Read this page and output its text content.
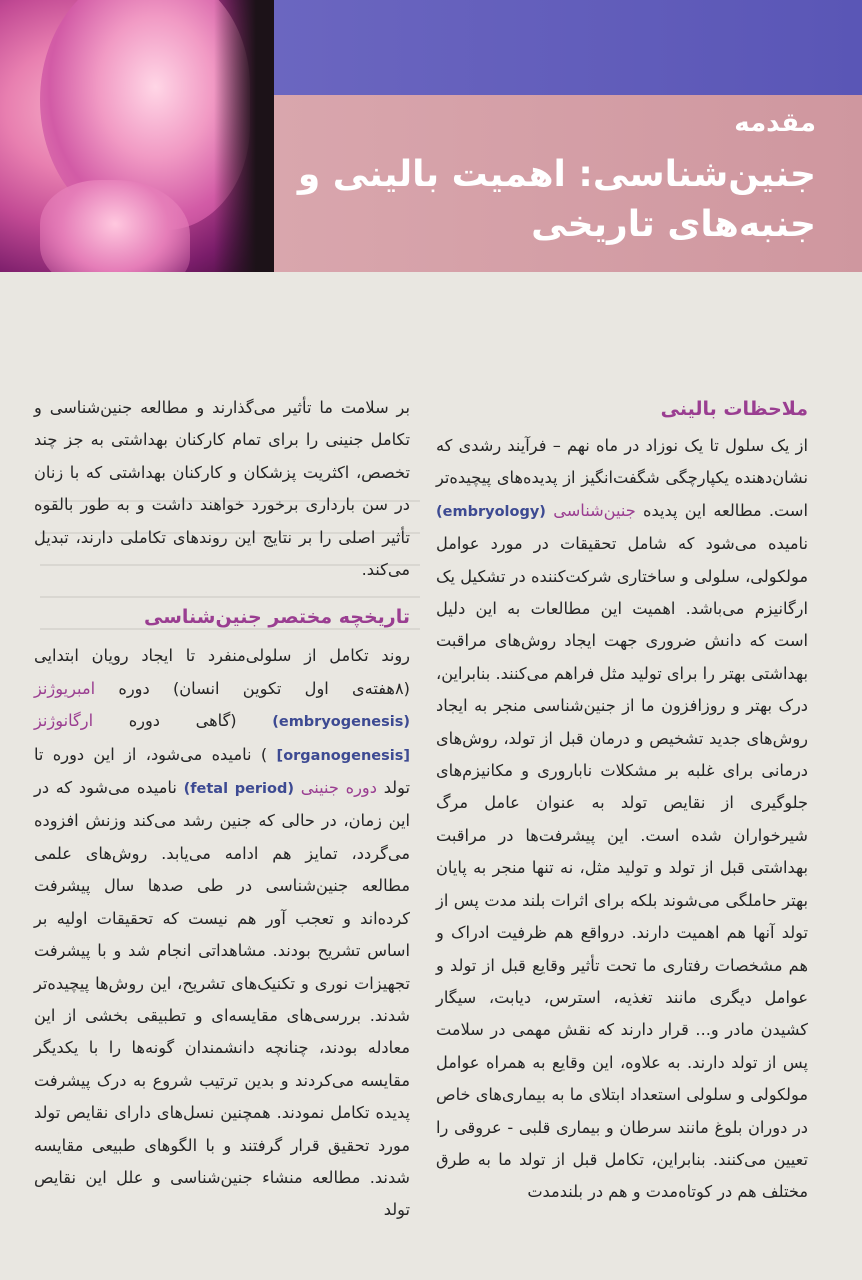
مقدمه
جنین‌شناسی: اهمیت بالینی و جنبه‌های تاریخی
ملاحظات بالینی

از یک سلول تا یک نوزاد در ماه نهم – فرآیند رشدی که نشان‌دهنده یکپارچگی شگفت‌انگیز از پدیده‌های پیچیده‌تر است. مطالعه این پدیده جنین‌شناسی (embryology) نامیده می‌شود که شامل تحقیقات در مورد عوامل مولکولی، سلولی و ساختاری شرکت‌کننده در تشکیل یک ارگانیزم می‌باشد. اهمیت این مطالعات به این دلیل است که دانش ضروری جهت ایجاد روش‌های مراقبت بهداشتی بهتر را برای تولید مثل فراهم می‌کنند. بنابراین، درک بهتر و روزافزون ما از جنین‌شناسی منجر به ایجاد روش‌های جدید تشخیص و درمان قبل از تولد، روش‌های درمانی برای غلبه بر مشکلات ناباروری و مکانیزم‌های جلوگیری از نقایص تولد به عنوان عامل مرگ شیرخواران شده است. این پیشرفت‌ها در مراقبت بهداشتی قبل از تولد و تولید مثل، نه تنها منجر به پایان بهتر حاملگی می‌شوند بلکه برای اثرات بلند مدت پس از تولد آنها هم اهمیت دارند. درواقع هم ظرفیت ادراک و هم مشخصات رفتاری ما تحت تأثیر وقایع قبل از تولد و عوامل دیگری مانند تغذیه، استرس، دیابت، سیگار کشیدن مادر و... قرار دارند که نقش مهمی در سلامت پس از تولد دارند. به علاوه، این وقایع به همراه عوامل مولکولی و سلولی استعداد ابتلای ما به بیماری‌های خاص در دوران بلوغ مانند سرطان و بیماری قلبی - عروقی را تعیین می‌کنند. بنابراین، تکامل قبل از تولد ما به طرق مختلف هم در کوتاه‌مدت و هم در بلندمدت

بر سلامت ما تأثیر می‌گذارند و مطالعه جنین‌شناسی و تکامل جنینی را برای تمام کارکنان بهداشتی به جز چند تخصص، اکثریت پزشکان و کارکنان بهداشتی که با زنان در سن بارداری برخورد خواهند داشت و به طور بالقوه تأثیر اصلی را بر نتایج این روندهای تکاملی دارند، تبدیل می‌کند.

تاریخچه مختصر جنین‌شناسی

روند تکامل از سلولی‌منفرد تا ایجاد رویان ابتدایی (۸هفته‌ی اول تکوین انسان) دوره امبریوژنز (embryogenesis) (گاهی دوره ارگانوژنز [organogenesis] ) نامیده می‌شود، از این دوره تا تولد دوره جنینی (fetal period) نامیده می‌شود که در این زمان، در حالی که جنین رشد می‌کند وزنش افزوده می‌گردد، تمایز هم ادامه می‌یابد. روش‌های علمی مطالعه جنین‌شناسی در طی صدها سال پیشرفت کرده‌اند و تعجب آور هم نیست که تحقیقات اولیه بر اساس تشریح بودند. مشاهداتی انجام شد و با پیشرفت تجهیزات نوری و تکنیک‌های تشریح، این روش‌ها پیچیده‌تر شدند. بررسی‌های مقایسه‌ای و تطبیقی بخشی از این معادله بودند، چنانچه دانشمندان گونه‌ها را با یکدیگر مقایسه می‌کردند و بدین ترتیب شروع به درک پیشرفت پدیده تکامل نمودند. همچنین نسل‌های دارای نقایص تولد مورد تحقیق قرار گرفتند و با الگوهای طبیعی مقایسه شدند. مطالعه منشاء جنین‌شناسی و علل این نقایص تولد
